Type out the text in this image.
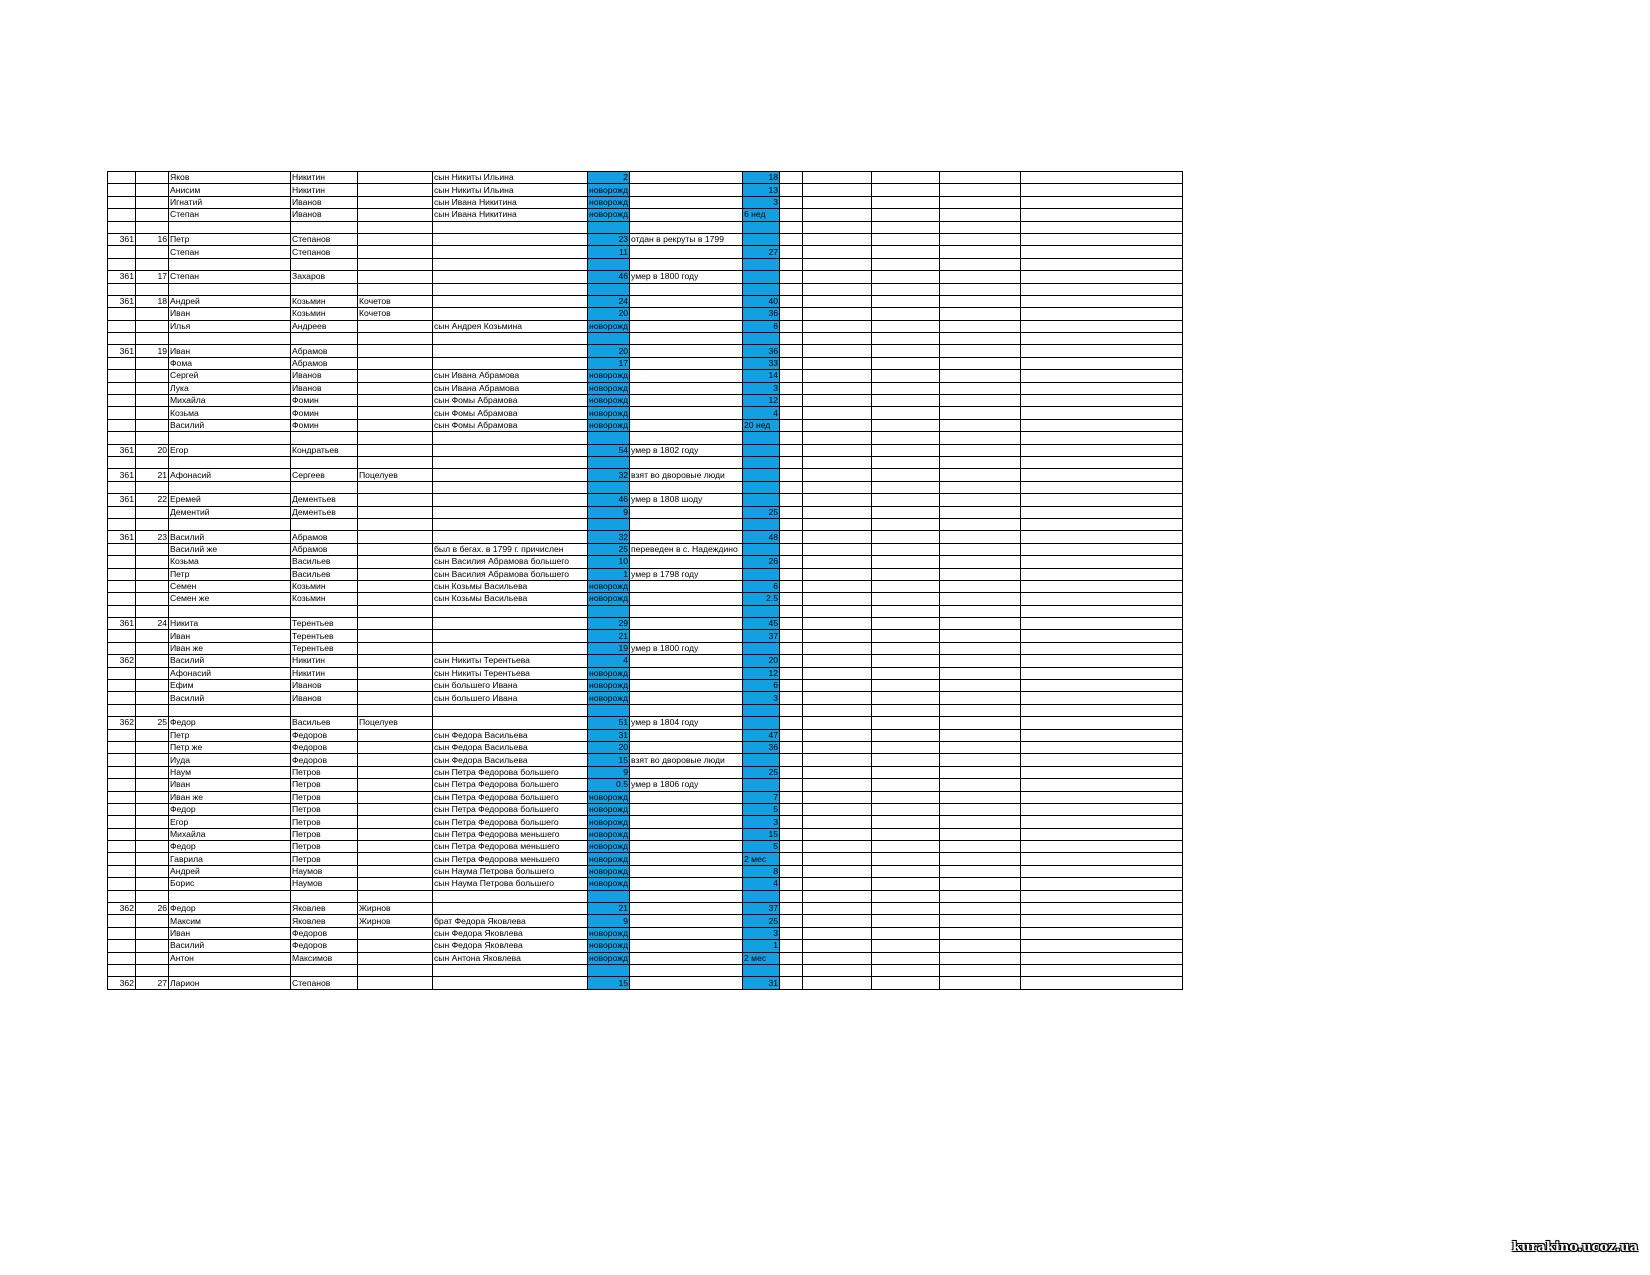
		Яков	Никитин		сын Никиты Ильина	2		18					
		Анисим	Никитин		сын Никиты Ильина	новорожд		13					
		Игнатий	Иванов		сын Ивана Никитина	новорожд		3					
		Степан	Иванов		сын Ивана Никитина	новорожд		6 нед					

361	16	Петр	Степанов			23	отдан в рекруты в 1799						
		Степан	Степанов			11		27					

361	17	Степан	Захаров			46	умер в 1800 году						

361	18	Андрей	Козьмин	Кочетов		24		40					
		Иван	Козьмин	Кочетов		20		36					
		Илья	Андреев		сын Андрея Козьмина	новорожд		6					

361	19	Иван	Абрамов			20		36					
		Фома	Абрамов			17		33					
		Сергей	Иванов		сын Ивана Абрамова	новорожд		14					
		Лука	Иванов		сын Ивана Абрамова	новорожд		3					
		Михайла	Фомин		сын Фомы Абрамова	новорожд		12					
		Козьма	Фомин		сын Фомы Абрамова	новорожд		4					
		Василий	Фомин		сын Фомы Абрамова	новорожд		20 нед					

361	20	Егор	Кондратьев			54	умер в 1802 году						

361	21	Афонасий	Сергеев	Поцелуев		32	взят во дворовые люди						

361	22	Еремей	Дементьев			46	умер в 1808 шоду						
		Дементий	Дементьев			9		25					

361	23	Василий	Абрамов			32		48					
		Василий же	Абрамов		был в бегах. в 1799 г. причислен	25	переведен в с. Надеждино						
		Козьма	Васильев		сын Василия Абрамова большего	10		26					
		Петр	Васильев		сын Василия Абрамова большего	1	умер в 1798 году						
		Семен	Козьмин		сын Козьмы Васильева	новорожд		6					
		Семен же	Козьмин		сын Козьмы Васильева	новорожд		2.5					

361	24	Никита	Терентьев			29		45					
		Иван	Терентьев			21		37					
		Иван же	Терентьев			19	умер в 1800 году						
362		Василий	Никитин		сын Никиты Терентьева	4		20					
		Афонасий	Никитин		сын Никиты Терентьева	новорожд		12					
		Ефим	Иванов		сын большего Ивана	новорожд		6					
		Василий	Иванов		сын большего Ивана	новорожд		3					

362	25	Федор	Васильев	Поцелуев		51	умер в 1804 году						
		Петр	Федоров		сын Федора Васильева	31		47					
		Петр же	Федоров		сын Федора Васильева	20		36					
		Иуда	Федоров		сын Федора Васильева	15	взят во дворовые люди						
		Наум	Петров		сын Петра Федорова большего	9		25					
		Иван	Петров		сын Петра Федорова большего	0.5	умер в 1806 году						
		Иван же	Петров		сын Петра Федорова большего	новорожд		7					
		Федор	Петров		сын Петра Федорова большего	новорожд		5					
		Егор	Петров		сын Петра Федорова большего	новорожд		3					
		Михайла	Петров		сын Петра Федорова меньшего	новорожд		15					
		Федор	Петров		сын Петра Федорова меньшего	новорожд		5					
		Гаврила	Петров		сын Петра Федорова меньшего	новорожд		2 мес					
		Андрей	Наумов		сын Наума Петрова большего	новорожд		8					
		Борис	Наумов		сын Наума Петрова большего	новорожд		4					

362	26	Федор	Яковлев	Жирнов		21		37					
		Максим	Яковлев	Жирнов	брат Федора Яковлева	9		25					
		Иван	Федоров		сын Федора Яковлева	новорожд		3					
		Василий	Федоров		сын Федора Яковлева	новорожд		1					
		Антон	Максимов		сын Антона Яковлева	новорожд		2 мес					

362	27	Ларион	Степанов			15		31					
kurakino.ucoz.ua
